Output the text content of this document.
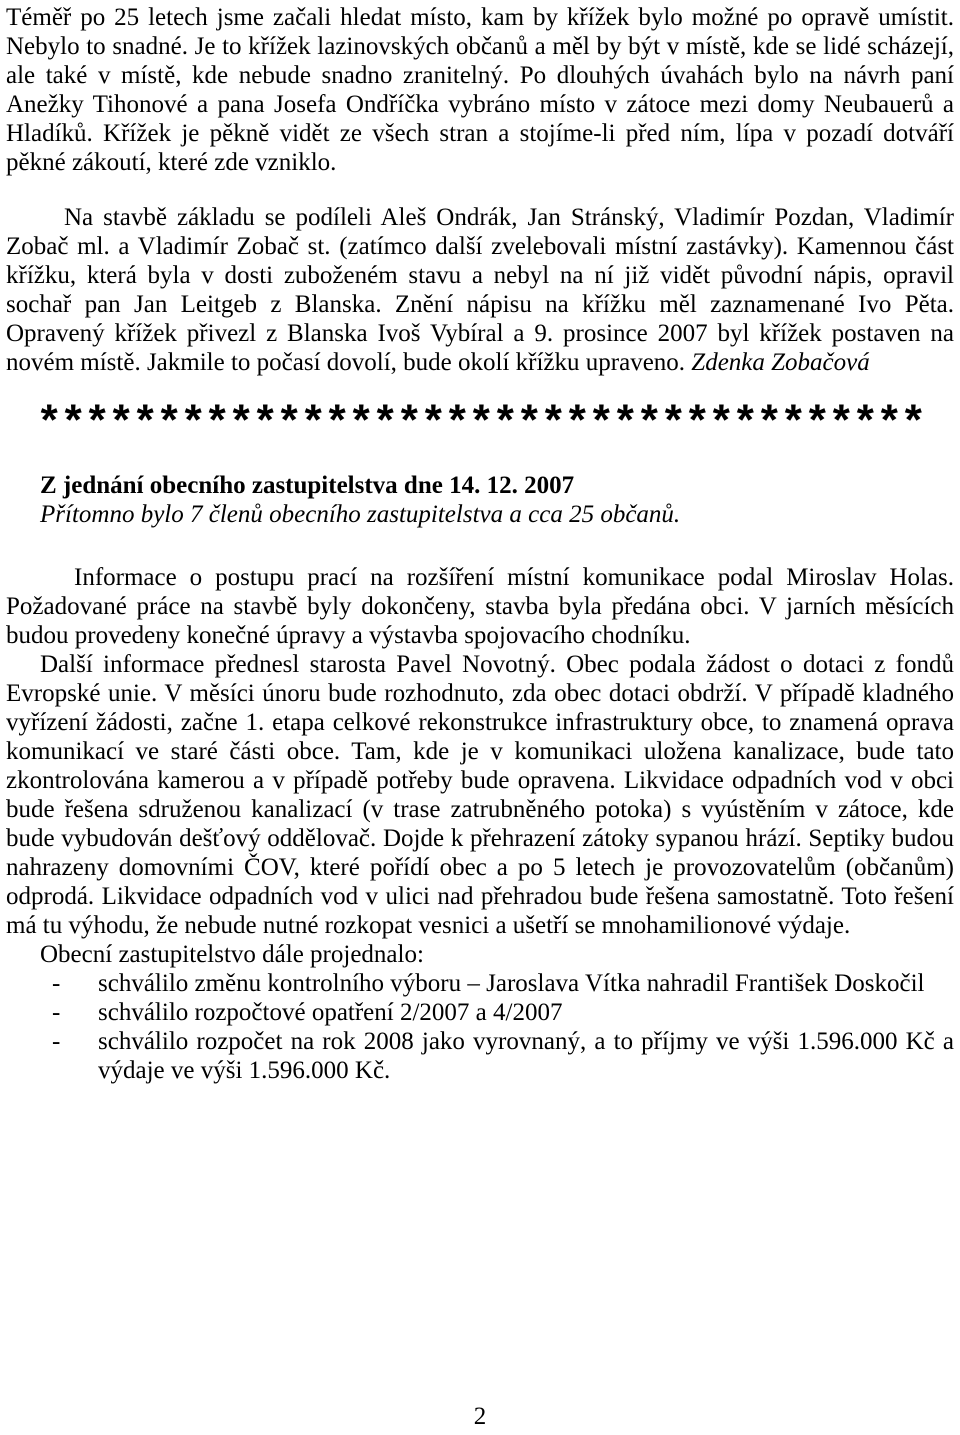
Téměř po 25 letech jsme začali hledat místo, kam by křížek bylo možné po opravě umístit. Nebylo to snadné. Je to křížek lazinovských občanů a měl by být v místě, kde se lidé scházejí, ale také v místě, kde nebude snadno zranitelný. Po dlouhých úvahách bylo na návrh paní Anežky Tihonové a pana Josefa Ondříčka vybráno místo v zátoce mezi domy Neubauerů a Hladíků. Křížek je pěkně vidět ze všech stran a stojíme-li před ním, lípa v pozadí dotváří pěkné zákoutí, které zde vzniklo.

Na stavbě základu se podíleli Aleš Ondrák, Jan Stránský, Vladimír Pozdan, Vladimír Zobač ml. a Vladimír Zobač st. (zatímco další zvelebovali místní zastávky). Kamennou část křížku, která byla v dosti zuboženém stavu a nebyl na ní již vidět původní nápis, opravil sochař pan Jan Leitgeb z Blanska. Znění nápisu na křížku měl zaznamenané Ivo Pěta. Opravený křížek přivezl z Blanska Ivoš Vybíral a 9. prosince 2007 byl křížek postaven na novém místě. Jakmile to počasí dovolí, bude okolí křížku upraveno. Zdenka Zobačová

*************************************
Z jednání obecního zastupitelstva dne 14. 12. 2007
Přítomno bylo 7 členů obecního zastupitelstva a cca 25 občanů.

Informace o postupu prací na rozšíření místní komunikace podal Miroslav Holas. Požadované práce na stavbě byly dokončeny, stavba byla předána obci. V jarních měsících budou provedeny konečné úpravy a výstavba spojovacího chodníku.

Další informace přednesl starosta Pavel Novotný. Obec podala žádost o dotaci z fondů Evropské unie. V měsíci únoru bude rozhodnuto, zda obec dotaci obdrží. V případě kladného vyřízení žádosti, začne 1. etapa celkové rekonstrukce infrastruktury obce, to znamená oprava komunikací ve staré části obce. Tam, kde je v komunikaci uložena kanalizace, bude tato zkontrolována kamerou a v případě potřeby bude opravena. Likvidace odpadních vod v obci bude řešena sdruženou kanalizací (v trase zatrubněného potoka) s vyústěním v zátoce, kde bude vybudován dešťový oddělovač. Dojde k přehrazení zátoky sypanou hrází. Septiky budou nahrazeny domovními ČOV, které pořídí obec a po 5 letech je provozovatelům (občanům) odprodá. Likvidace odpadních vod v ulici nad přehradou bude řešena samostatně. Toto řešení má tu výhodu, že nebude nutné rozkopat vesnici a ušetří se mnohamilionové výdaje.

Obecní zastupitelstvo dále projednalo:

- schválilo změnu kontrolního výboru – Jaroslava Vítka nahradil František Doskočil
- schválilo rozpočtové opatření 2/2007 a 4/2007
- schválilo rozpočet na rok 2008 jako vyrovnaný, a to příjmy ve výši 1.596.000 Kč a výdaje ve výši 1.596.000 Kč.
2
